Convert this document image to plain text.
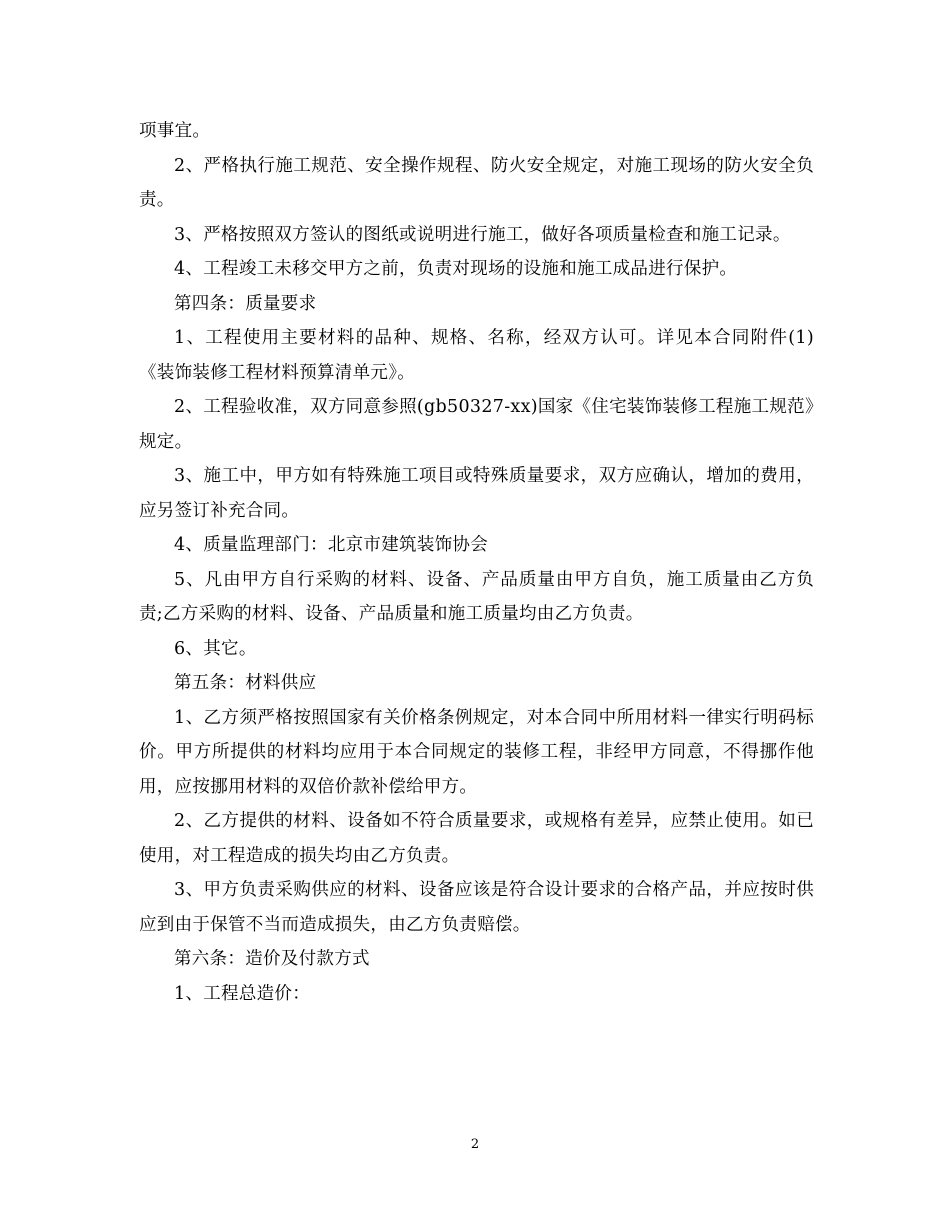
项事宜。

2、严格执行施工规范、安全操作规程、防火安全规定，对施工现场的防火安全负责。

3、严格按照双方签认的图纸或说明进行施工，做好各项质量检查和施工记录。

4、工程竣工未移交甲方之前，负责对现场的设施和施工成品进行保护。

第四条：质量要求

1、工程使用主要材料的品种、规格、名称，经双方认可。详见本合同附件(1)《装饰装修工程材料预算清单元》。

2、工程验收准，双方同意参照(gb50327-xx)国家《住宅装饰装修工程施工规范》规定。

3、施工中，甲方如有特殊施工项目或特殊质量要求，双方应确认，增加的费用，应另签订补充合同。

4、质量监理部门：北京市建筑装饰协会

5、凡由甲方自行采购的材料、设备、产品质量由甲方自负，施工质量由乙方负责;乙方采购的材料、设备、产品质量和施工质量均由乙方负责。

6、其它。

第五条：材料供应

1、乙方须严格按照国家有关价格条例规定，对本合同中所用材料一律实行明码标价。甲方所提供的材料均应用于本合同规定的装修工程，非经甲方同意，不得挪作他用，应按挪用材料的双倍价款补偿给甲方。

2、乙方提供的材料、设备如不符合质量要求，或规格有差异，应禁止使用。如已使用，对工程造成的损失均由乙方负责。

3、甲方负责采购供应的材料、设备应该是符合设计要求的合格产品，并应按时供应到由于保管不当而造成损失，由乙方负责赔偿。

第六条：造价及付款方式

1、工程总造价：

2
